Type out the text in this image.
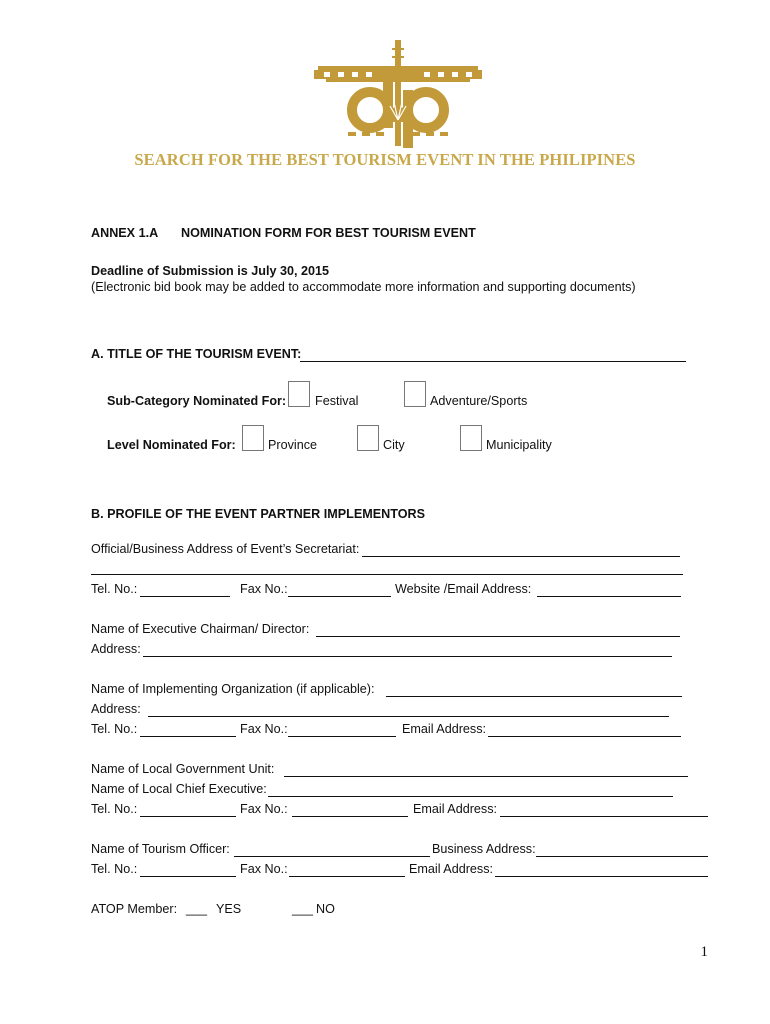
SEARCH FOR THE BEST TOURISM EVENT IN THE PHILIPINES
ANNEX 1.A NOMINATION FORM FOR BEST TOURISM EVENT
Deadline of Submission is July 30, 2015
(Electronic bid book may be added to accommodate more information and supporting documents)
A. TITLE OF THE TOURISM EVENT:
Sub-Category Nominated For: Festival	Adventure/Sports
Level Nominated For:	Province	City	Municipality
B. PROFILE OF THE EVENT PARTNER IMPLEMENTORS
Official/Business Address of Event’s Secretariat:
Tel. No.:	Fax No.:	Website /Email Address:
Name of Executive Chairman/ Director:
Address:
Name of Implementing Organization (if applicable):
Address:
Tel. No.:	Fax No.:	Email Address:
Name of Local Government Unit:
Name of Local Chief Executive:
Tel. No.:	Fax No.:	Email Address:
Name of Tourism Officer:	Business Address:
Tel. No.:	Fax No.:	Email Address:
ATOP Member: ___ YES	___ NO
1
